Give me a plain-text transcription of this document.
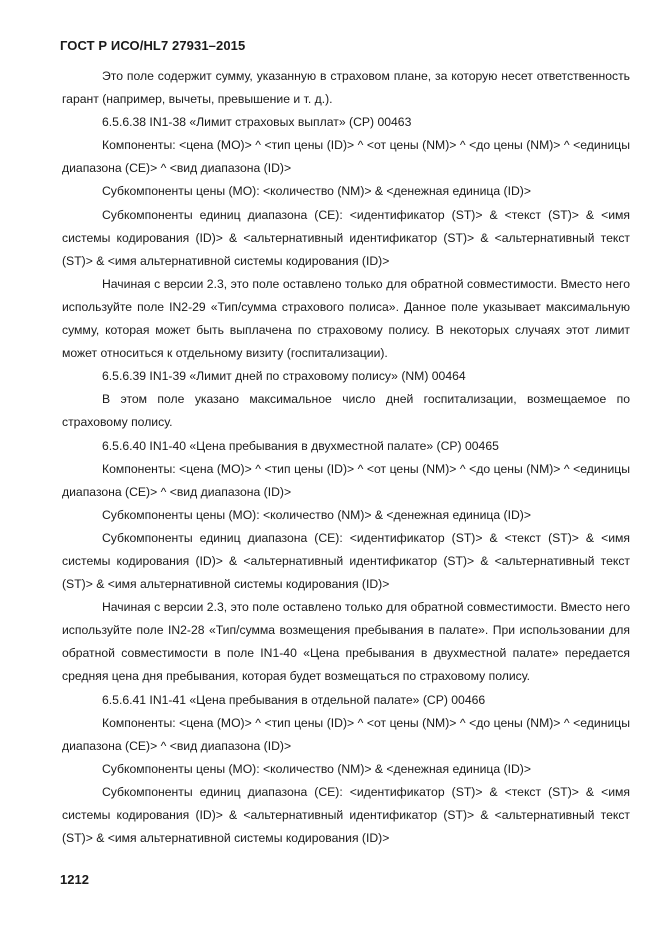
ГОСТ Р ИСО/HL7 27931–2015

Это поле содержит сумму, указанную в страховом плане, за которую несет ответственность гарант (например, вычеты, превышение и т. д.).

6.5.6.38 IN1-38 «Лимит страховых выплат» (СР) 00463

Компоненты: <цена (МО)> ^ <тип цены (ID)> ^ <от цены (NM)> ^ <до цены (NM)> ^ <единицы диапазона (СЕ)> ^ <вид диапазона (ID)>

Субкомпоненты цены (МО): <количество (NM)> & <денежная единица (ID)>

Субкомпоненты единиц диапазона (СЕ): <идентификатор (ST)> & <текст (ST)> & <имя системы кодирования (ID)> & <альтернативный идентификатор (ST)> & <альтернативный текст (ST)> & <имя альтернативной системы кодирования (ID)>

Начиная с версии 2.3, это поле оставлено только для обратной совместимости. Вместо него используйте поле IN2-29 «Тип/сумма страхового полиса». Данное поле указывает максимальную сумму, которая может быть выплачена по страховому полису. В некоторых случаях этот лимит может относиться к отдельному визиту (госпитализации).

6.5.6.39 IN1-39 «Лимит дней по страховому полису» (NM) 00464

В этом поле указано максимальное число дней госпитализации, возмещаемое по страховому полису.

6.5.6.40 IN1-40 «Цена пребывания в двухместной палате» (СР) 00465

Компоненты: <цена (МО)> ^ <тип цены (ID)> ^ <от цены (NM)> ^ <до цены (NM)> ^ <единицы диапазона (СЕ)> ^ <вид диапазона (ID)>

Субкомпоненты цены (МО): <количество (NM)> & <денежная единица (ID)>

Субкомпоненты единиц диапазона (СЕ): <идентификатор (ST)> & <текст (ST)> & <имя системы кодирования (ID)> & <альтернативный идентификатор (ST)> & <альтернативный текст (ST)> & <имя альтернативной системы кодирования (ID)>

Начиная с версии 2.3, это поле оставлено только для обратной совместимости. Вместо него используйте поле IN2-28 «Тип/сумма возмещения пребывания в палате». При использовании для обратной совместимости в поле IN1-40 «Цена пребывания в двухместной палате» передается средняя цена дня пребывания, которая будет возмещаться по страховому полису.

6.5.6.41 IN1-41 «Цена пребывания в отдельной палате» (СР) 00466

Компоненты: <цена (МО)> ^ <тип цены (ID)> ^ <от цены (NM)> ^ <до цены (NM)> ^ <единицы диапазона (СЕ)> ^ <вид диапазона (ID)>

Субкомпоненты цены (МО): <количество (NM)> & <денежная единица (ID)>

Субкомпоненты единиц диапазона (СЕ): <идентификатор (ST)> & <текст (ST)> & <имя системы кодирования (ID)> & <альтернативный идентификатор (ST)> & <альтернативный текст (ST)> & <имя альтернативной системы кодирования (ID)>

1212
